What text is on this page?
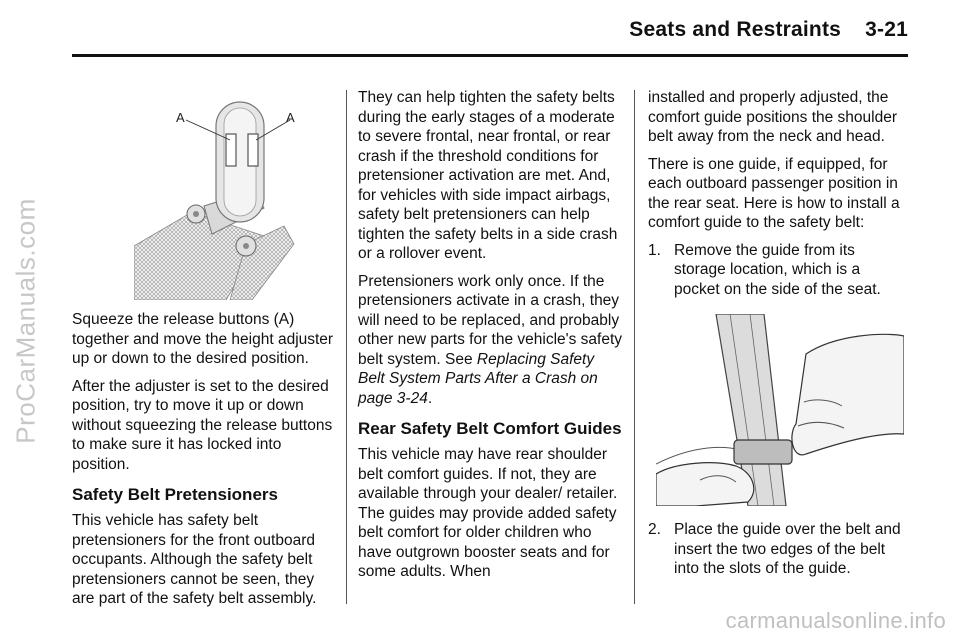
ProCarManuals.com
Seats and Restraints    3-21
A	A

Squeeze the release buttons (A) together and move the height adjuster up or down to the desired position.

After the adjuster is set to the desired position, try to move it up or down without squeezing the release buttons to make sure it has locked into position.

Safety Belt Pretensioners

This vehicle has safety belt pretensioners for the front outboard occupants. Although the safety belt pretensioners cannot be seen, they are part of the safety belt assembly.

They can help tighten the safety belts during the early stages of a moderate to severe frontal, near frontal, or rear crash if the threshold conditions for pretensioner activation are met. And, for vehicles with side impact airbags, safety belt pretensioners can help tighten the safety belts in a side crash or a rollover event.

Pretensioners work only once. If the pretensioners activate in a crash, they will need to be replaced, and probably other new parts for the vehicle's safety belt system. See Replacing Safety Belt System Parts After a Crash on page 3-24.

Rear Safety Belt Comfort Guides

This vehicle may have rear shoulder belt comfort guides. If not, they are available through your dealer/ retailer. The guides may provide added safety belt comfort for older children who have outgrown booster seats and for some adults. When

installed and properly adjusted, the comfort guide positions the shoulder belt away from the neck and head.

There is one guide, if equipped, for each outboard passenger position in the rear seat. Here is how to install a comfort guide to the safety belt:

1. Remove the guide from its storage location, which is a pocket on the side of the seat.

2. Place the guide over the belt and insert the two edges of the belt into the slots of the guide.

carmanualsonline.info
